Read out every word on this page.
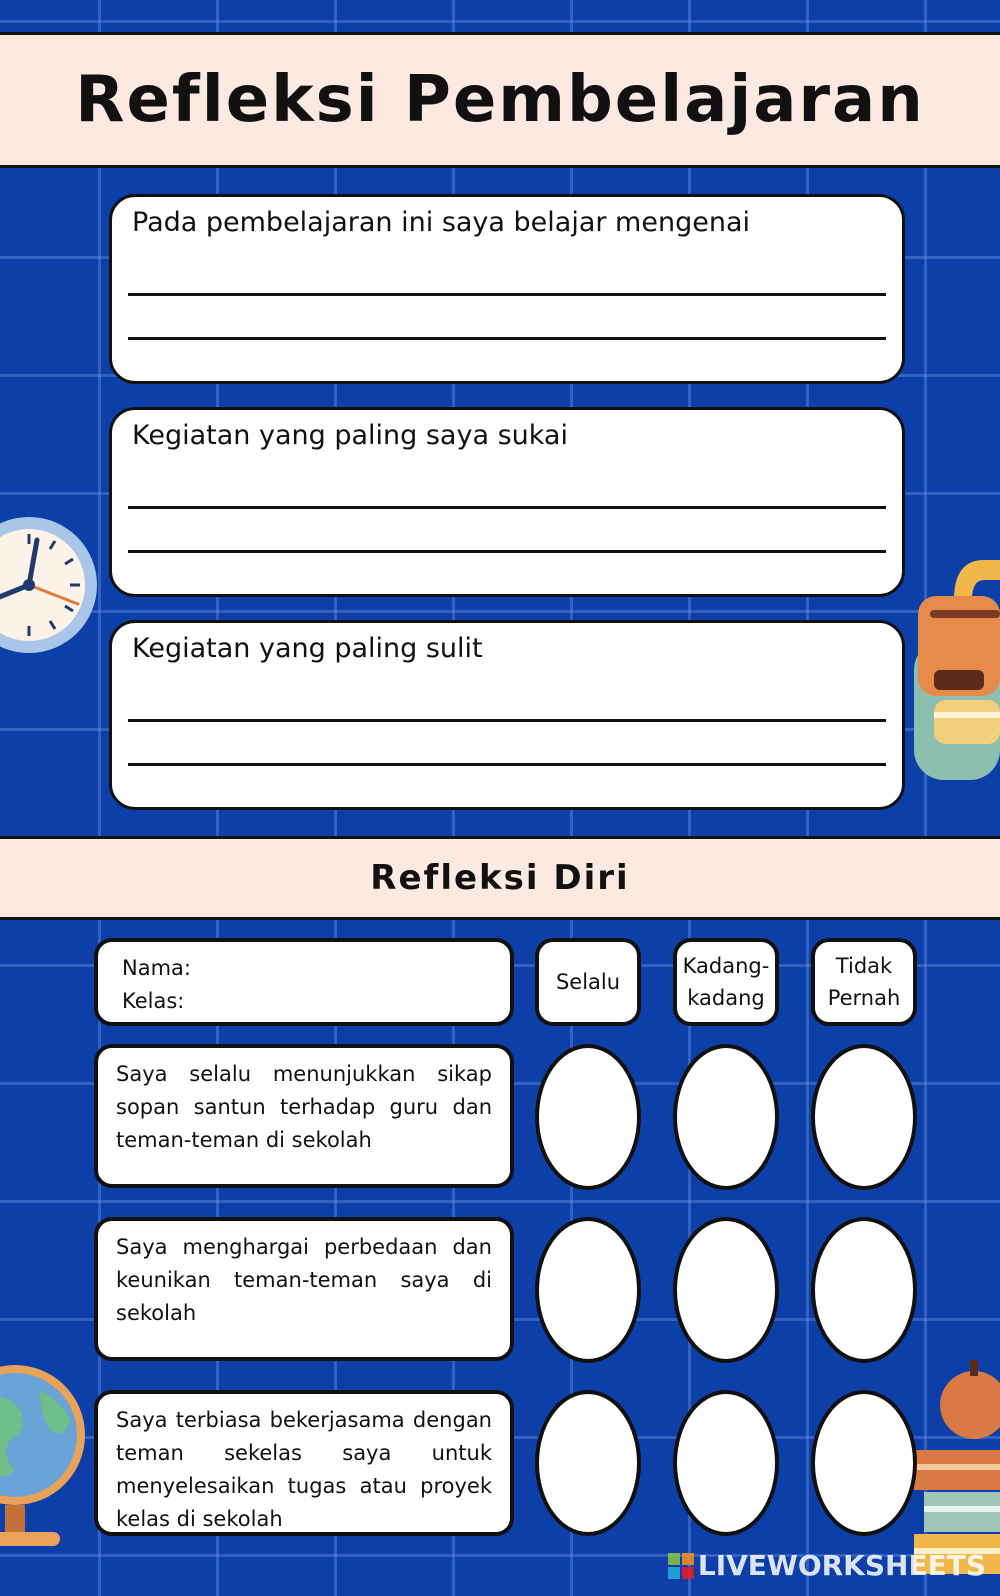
Refleksi Pembelajaran
Pada pembelajaran ini saya belajar mengenai
Kegiatan yang paling saya sukai
Kegiatan yang paling sulit
Refleksi Diri
Nama:
Kelas:
Selalu
Kadang-
kadang
Tidak
Pernah
Saya selalu menunjukkan sikap sopan santun terhadap guru dan teman-teman di sekolah
Saya menghargai perbedaan dan keunikan teman-teman saya di sekolah
Saya terbiasa bekerjasama dengan teman sekelas saya untuk menyelesaikan tugas atau proyek kelas di sekolah
LIVEWORKSHEETS
